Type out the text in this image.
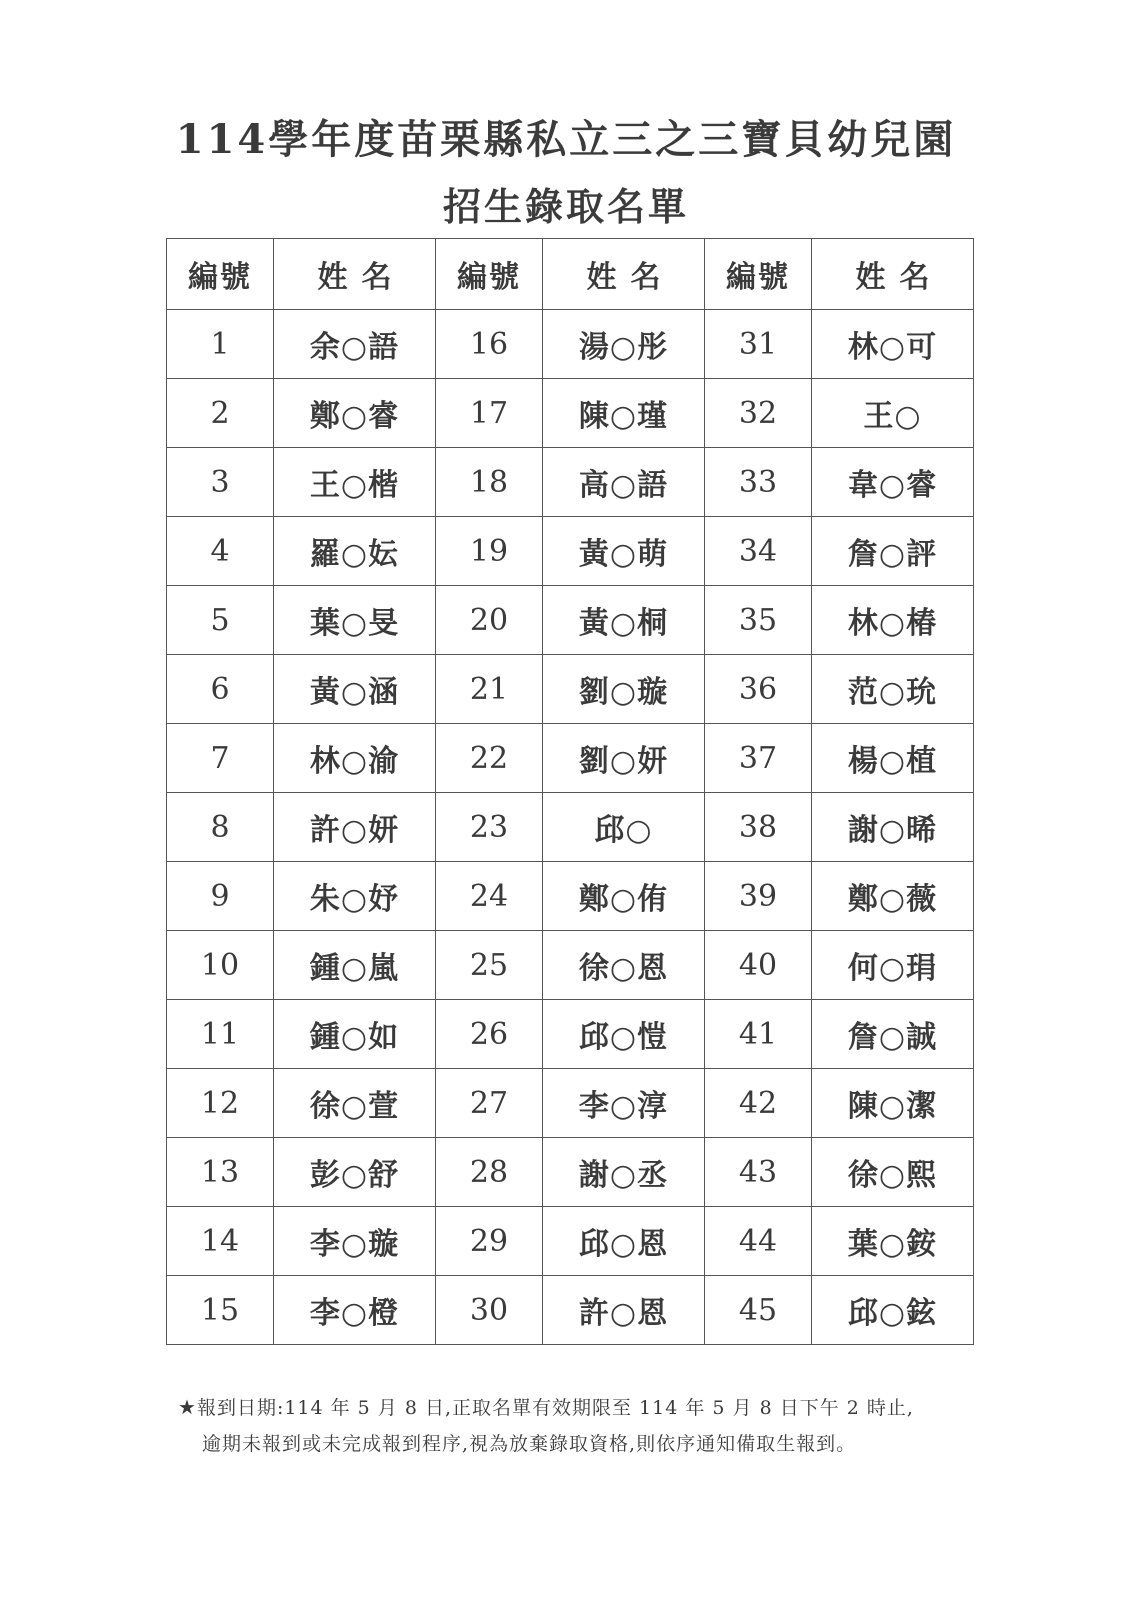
114學年度苗栗縣私立三之三寶貝幼兒園
招生錄取名單
編號	姓名	編號	姓名	編號	姓名
1	余○語	16	湯○彤	31	林○可
2	鄭○睿	17	陳○瑾	32	王○
3	王○楷	18	高○語	33	韋○睿
4	羅○妘	19	黃○萌	34	詹○評
5	葉○旻	20	黃○桐	35	林○椿
6	黃○涵	21	劉○璇	36	范○玧
7	林○渝	22	劉○妍	37	楊○植
8	許○妍	23	邱○	38	謝○晞
9	朱○妤	24	鄭○侑	39	鄭○薇
10	鍾○嵐	25	徐○恩	40	何○琄
11	鍾○如	26	邱○愷	41	詹○誠
12	徐○萱	27	李○淳	42	陳○潔
13	彭○舒	28	謝○丞	43	徐○熙
14	李○璇	29	邱○恩	44	葉○銨
15	李○橙	30	許○恩	45	邱○鉉
★報到日期:114 年 5 月 8 日,正取名單有效期限至 114 年 5 月 8 日下午 2 時止,
逾期未報到或未完成報到程序,視為放棄錄取資格,則依序通知備取生報到。
